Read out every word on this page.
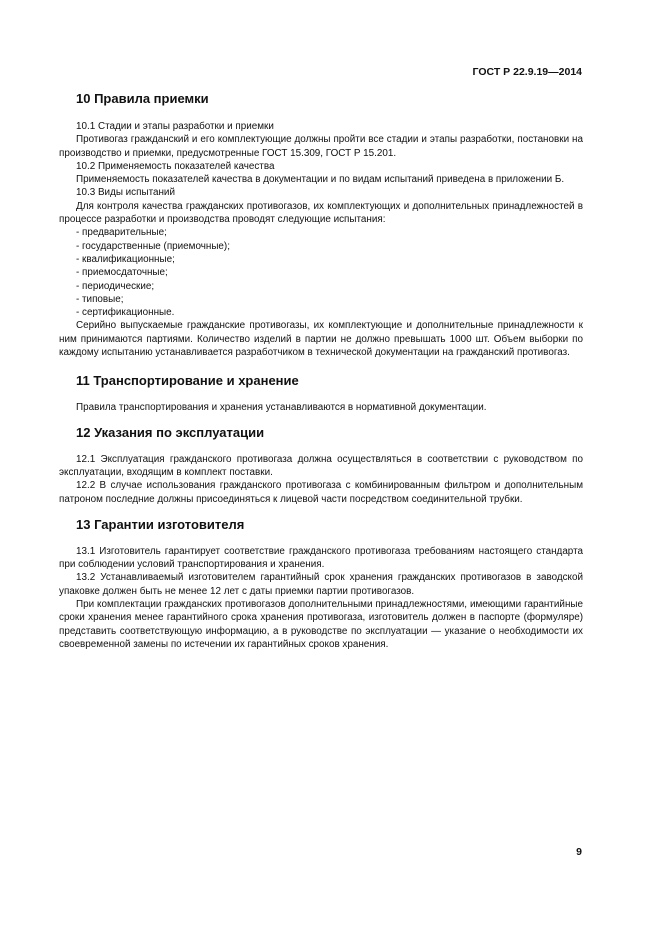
ГОСТ Р 22.9.19—2014
10 Правила приемки

10.1 Стадии и этапы разработки и приемки

Противогаз гражданский и его комплектующие должны пройти все стадии и этапы разработки, постановки на производство и приемки, предусмотренные ГОСТ 15.309, ГОСТ Р 15.201.

10.2 Применяемость показателей качества

Применяемость показателей качества в документации и по видам испытаний приведена в приложении Б.

10.3 Виды испытаний

Для контроля качества гражданских противогазов, их комплектующих и дополнительных принадлежностей в процессе разработки и производства проводят следующие испытания:

- предварительные;

- государственные (приемочные);

- квалификационные;

- приемосдаточные;

- периодические;

- типовые;

- сертификационные.

Серийно выпускаемые гражданские противогазы, их комплектующие и дополнительные принадлежности к ним принимаются партиями. Количество изделий в партии не должно превышать 1000 шт. Объем выборки по каждому испытанию устанавливается разработчиком в технической документации на гражданский противогаз.

11 Транспортирование и хранение

Правила транспортирования и хранения устанавливаются в нормативной документации.

12 Указания по эксплуатации

12.1 Эксплуатация гражданского противогаза должна осуществляться в соответствии с руководством по эксплуатации, входящим в комплект поставки.

12.2 В случае использования гражданского противогаза с комбинированным фильтром и дополнительным патроном последние должны присоединяться к лицевой части посредством соединительной трубки.

13 Гарантии изготовителя

13.1 Изготовитель гарантирует соответствие гражданского противогаза требованиям настоящего стандарта при соблюдении условий транспортирования и хранения.

13.2 Устанавливаемый изготовителем гарантийный срок хранения гражданских противогазов в заводской упаковке должен быть не менее 12 лет с даты приемки партии противогазов.

При комплектации гражданских противогазов дополнительными принадлежностями, имеющими гарантийные сроки хранения менее гарантийного срока хранения противогаза, изготовитель должен в паспорте (формуляре) представить соответствующую информацию, а в руководстве по эксплуатации — указание о необходимости их своевременной замены по истечении их гарантийных сроков хранения.

9
